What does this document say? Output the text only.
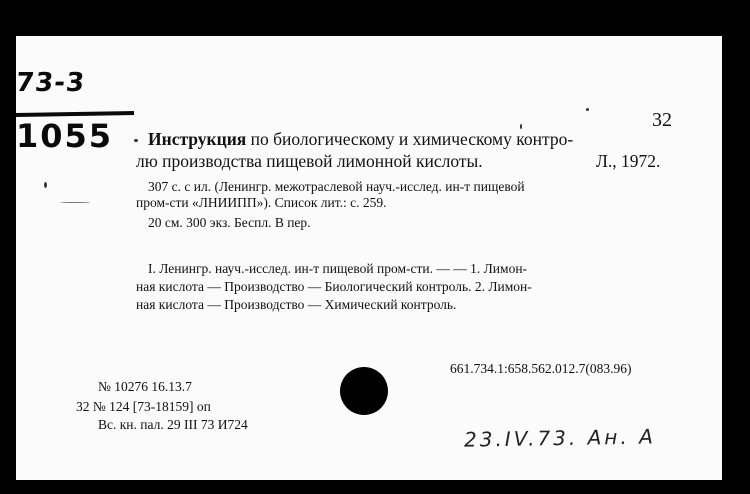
73-3
1055	32
Инструкция по биологическому и химическому контро-
лю производства пищевой лимонной кислоты.	Л., 1972.
307 с. с ил. (Ленингр. межотраслевой науч.-исслед. ин-т пищевой
пром-сти «ЛНИИПП»). Список лит.: с. 259.
20 см. 300 экз. Беспл. В пер.
I. Ленингр. науч.-исслед. ин-т пищевой пром-сти. — — 1. Лимон-
ная кислота — Производство — Биологический контроль. 2. Лимон-
ная кислота — Производство — Химический контроль.
661.734.1:658.562.012.7(083.96)
№ 10276 16.13.7
32 № 124 [73-18159] оп
Вс. кн. пал. 29 III 73 И724	23.IV.73. Ан. А
